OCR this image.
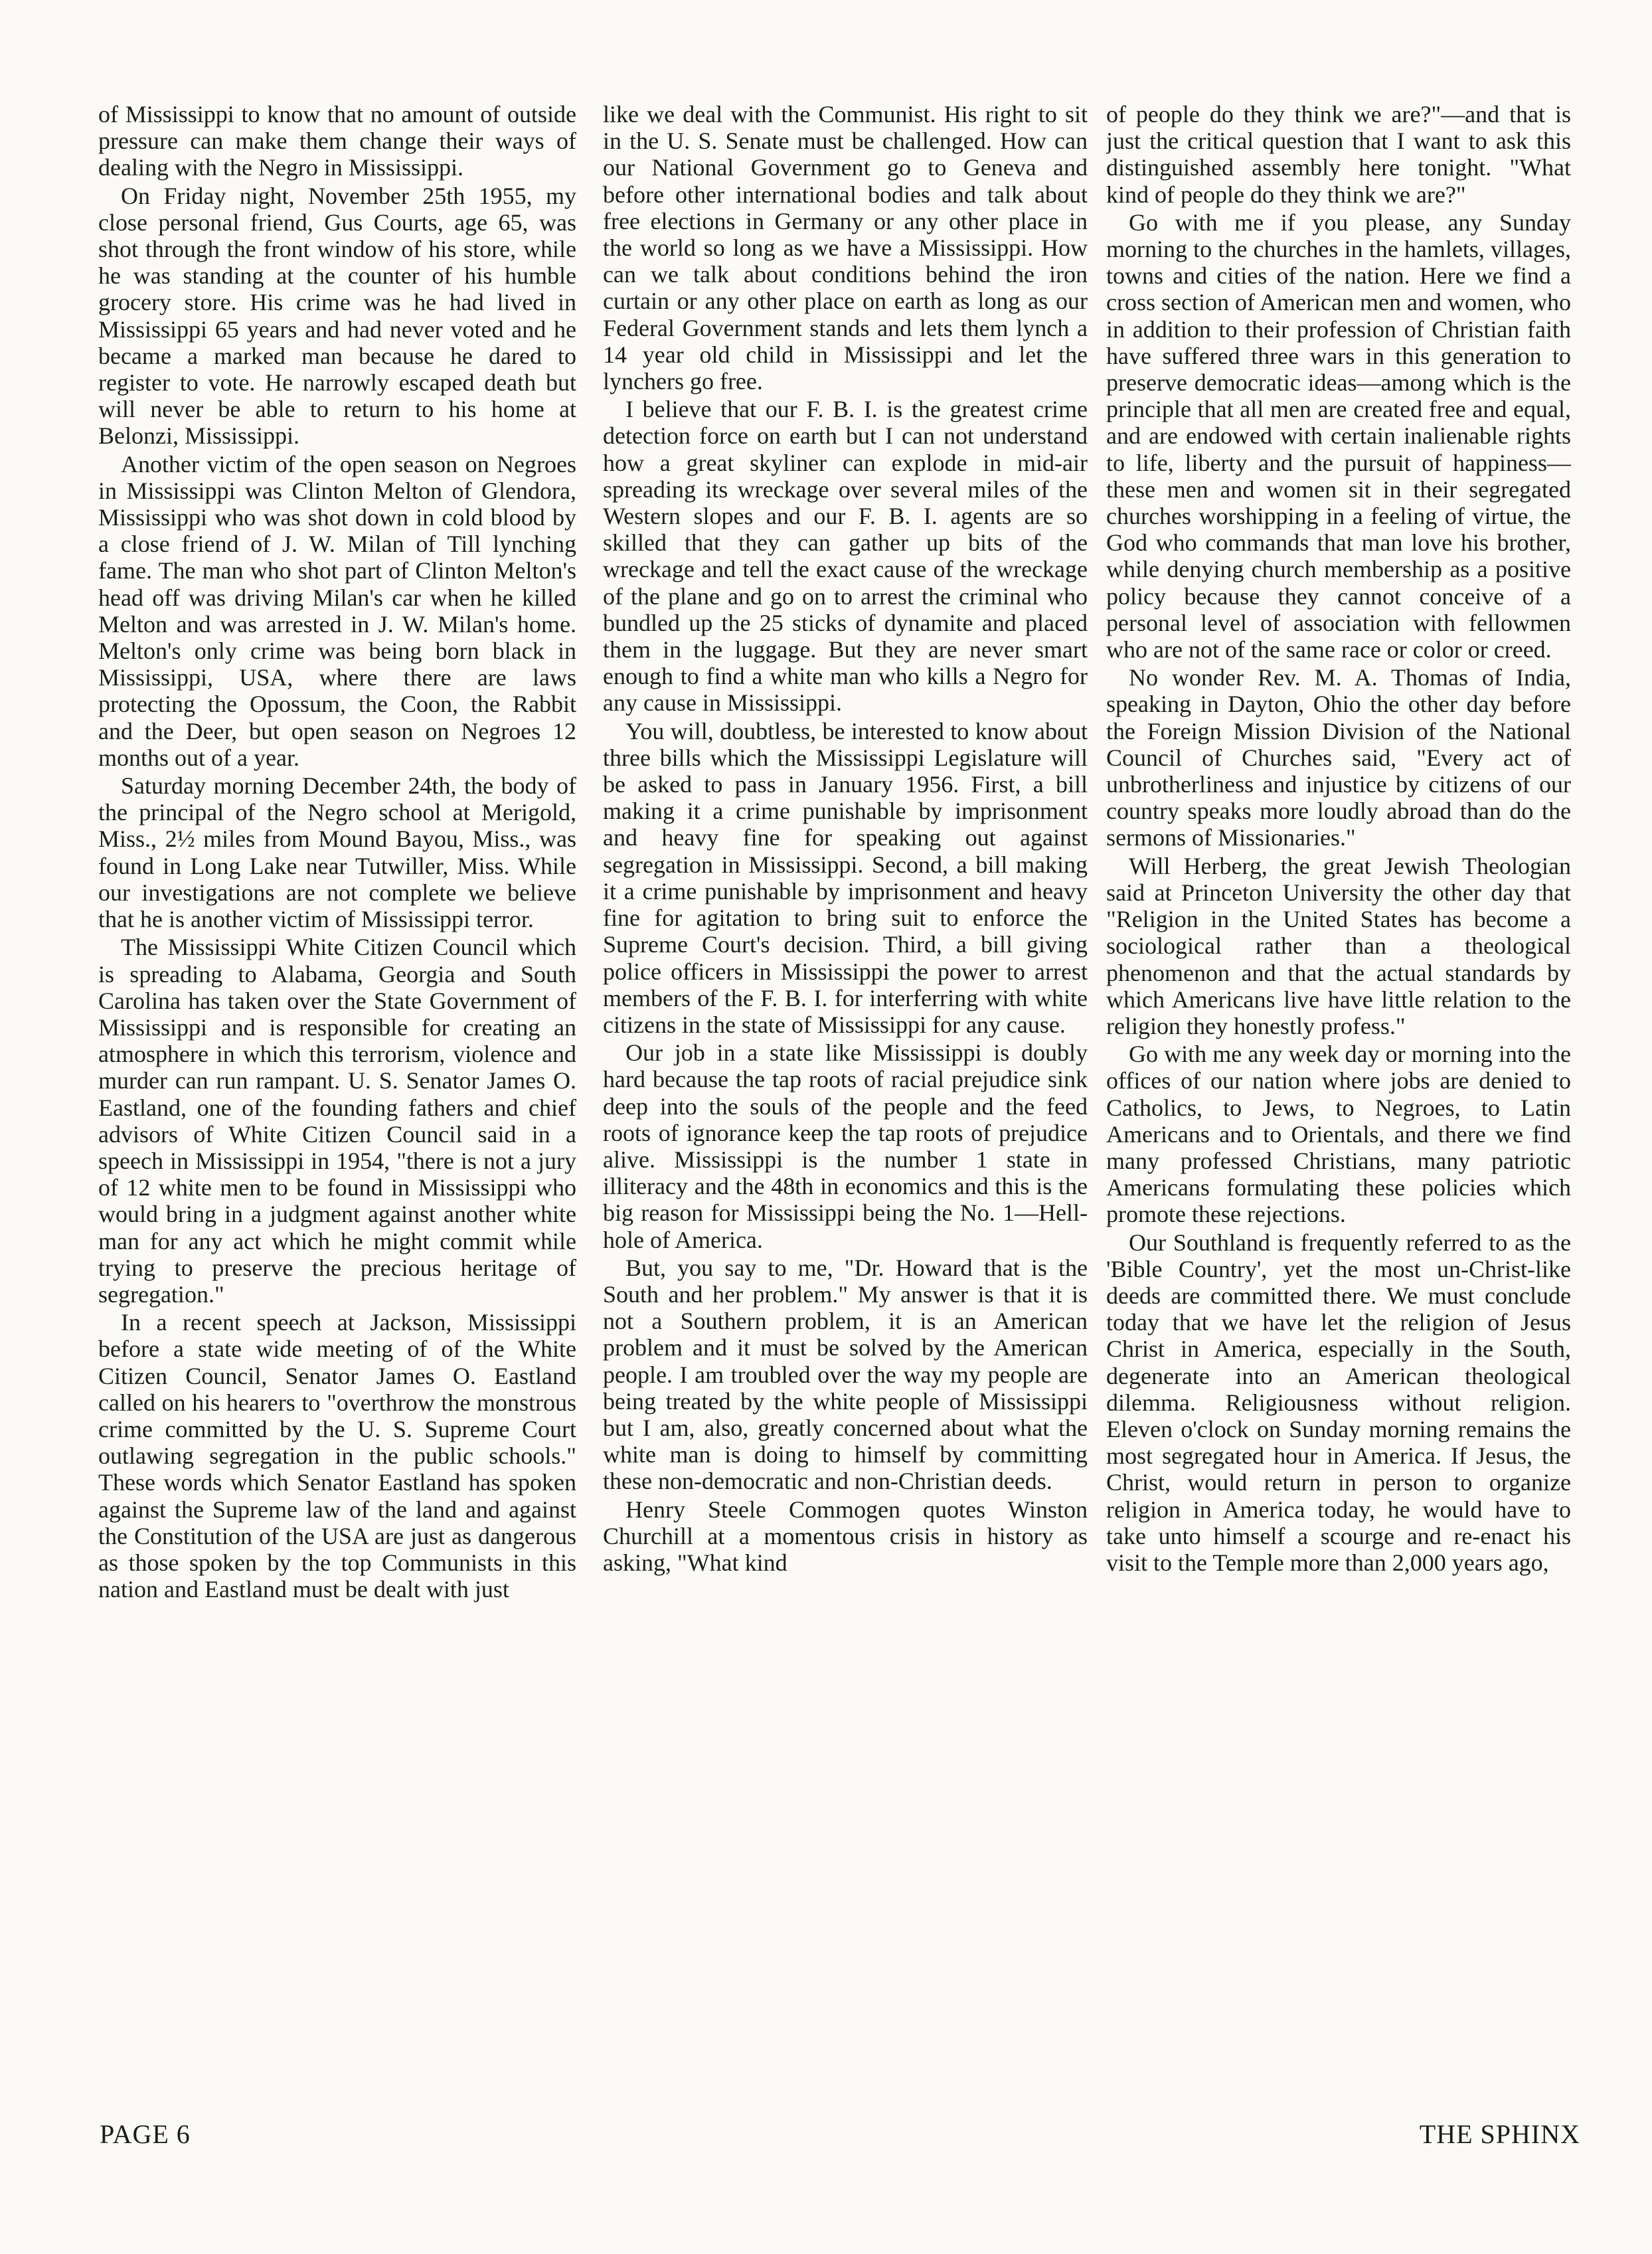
of Mississippi to know that no amount of outside pressure can make them change their ways of dealing with the Negro in Mississippi.

On Friday night, November 25th 1955, my close personal friend, Gus Courts, age 65, was shot through the front window of his store, while he was standing at the counter of his humble grocery store. His crime was he had lived in Mississippi 65 years and had never voted and he became a marked man because he dared to register to vote. He narrowly escaped death but will never be able to return to his home at Belonzi, Mississippi.

Another victim of the open season on Negroes in Mississippi was Clinton Melton of Glendora, Mississippi who was shot down in cold blood by a close friend of J. W. Milan of Till lynching fame. The man who shot part of Clinton Melton's head off was driving Milan's car when he killed Melton and was arrested in J. W. Milan's home. Melton's only crime was being born black in Mississippi, USA, where there are laws protecting the Opossum, the Coon, the Rabbit and the Deer, but open season on Negroes 12 months out of a year.

Saturday morning December 24th, the body of the principal of the Negro school at Merigold, Miss., 2½ miles from Mound Bayou, Miss., was found in Long Lake near Tutwiller, Miss. While our investigations are not complete we believe that he is another victim of Mississippi terror.

The Mississippi White Citizen Council which is spreading to Alabama, Georgia and South Carolina has taken over the State Government of Mississippi and is responsible for creating an atmosphere in which this terrorism, violence and murder can run rampant. U. S. Senator James O. Eastland, one of the founding fathers and chief advisors of White Citizen Council said in a speech in Mississippi in 1954, "there is not a jury of 12 white men to be found in Mississippi who would bring in a judgment against another white man for any act which he might commit while trying to preserve the precious heritage of segregation."

In a recent speech at Jackson, Mississippi before a state wide meeting of of the White Citizen Council, Senator James O. Eastland called on his hearers to "overthrow the monstrous crime committed by the U. S. Supreme Court outlawing segregation in the public schools." These words which Senator Eastland has spoken against the Supreme law of the land and against the Constitution of the USA are just as dangerous as those spoken by the top Communists in this nation and Eastland must be dealt with just

like we deal with the Communist. His right to sit in the U. S. Senate must be challenged. How can our National Government go to Geneva and before other international bodies and talk about free elections in Germany or any other place in the world so long as we have a Mississippi. How can we talk about conditions behind the iron curtain or any other place on earth as long as our Federal Government stands and lets them lynch a 14 year old child in Mississippi and let the lynchers go free.

I believe that our F. B. I. is the greatest crime detection force on earth but I can not understand how a great skyliner can explode in mid-air spreading its wreckage over several miles of the Western slopes and our F. B. I. agents are so skilled that they can gather up bits of the wreckage and tell the exact cause of the wreckage of the plane and go on to arrest the criminal who bundled up the 25 sticks of dynamite and placed them in the luggage. But they are never smart enough to find a white man who kills a Negro for any cause in Mississippi.

You will, doubtless, be interested to know about three bills which the Mississippi Legislature will be asked to pass in January 1956. First, a bill making it a crime punishable by imprisonment and heavy fine for speaking out against segregation in Mississippi. Second, a bill making it a crime punishable by imprisonment and heavy fine for agitation to bring suit to enforce the Supreme Court's decision. Third, a bill giving police officers in Mississippi the power to arrest members of the F. B. I. for interferring with white citizens in the state of Mississippi for any cause.

Our job in a state like Mississippi is doubly hard because the tap roots of racial prejudice sink deep into the souls of the people and the feed roots of ignorance keep the tap roots of prejudice alive. Mississippi is the number 1 state in illiteracy and the 48th in economics and this is the big reason for Mississippi being the No. 1—Hell-hole of America.

But, you say to me, "Dr. Howard that is the South and her problem." My answer is that it is not a Southern problem, it is an American problem and it must be solved by the American people. I am troubled over the way my people are being treated by the white people of Mississippi but I am, also, greatly concerned about what the white man is doing to himself by committing these non-democratic and non-Christian deeds.

Henry Steele Commogen quotes Winston Churchill at a momentous crisis in history as asking, "What kind

of people do they think we are?"—and that is just the critical question that I want to ask this distinguished assembly here tonight. "What kind of people do they think we are?"

Go with me if you please, any Sunday morning to the churches in the hamlets, villages, towns and cities of the nation. Here we find a cross section of American men and women, who in addition to their profession of Christian faith have suffered three wars in this generation to preserve democratic ideas—among which is the principle that all men are created free and equal, and are endowed with certain inalienable rights to life, liberty and the pursuit of happiness—these men and women sit in their segregated churches worshipping in a feeling of virtue, the God who commands that man love his brother, while denying church membership as a positive policy because they cannot conceive of a personal level of association with fellowmen who are not of the same race or color or creed.

No wonder Rev. M. A. Thomas of India, speaking in Dayton, Ohio the other day before the Foreign Mission Division of the National Council of Churches said, "Every act of unbrotherliness and injustice by citizens of our country speaks more loudly abroad than do the sermons of Missionaries."

Will Herberg, the great Jewish Theologian said at Princeton University the other day that "Religion in the United States has become a sociological rather than a theological phenomenon and that the actual standards by which Americans live have little relation to the religion they honestly profess."

Go with me any week day or morning into the offices of our nation where jobs are denied to Catholics, to Jews, to Negroes, to Latin Americans and to Orientals, and there we find many professed Christians, many patriotic Americans formulating these policies which promote these rejections.

Our Southland is frequently referred to as the 'Bible Country', yet the most un-Christ-like deeds are committed there. We must conclude today that we have let the religion of Jesus Christ in America, especially in the South, degenerate into an American theological dilemma. Religiousness without religion. Eleven o'clock on Sunday morning remains the most segregated hour in America. If Jesus, the Christ, would return in person to organize religion in America today, he would have to take unto himself a scourge and re-enact his visit to the Temple more than 2,000 years ago,

PAGE 6	THE SPHINX
